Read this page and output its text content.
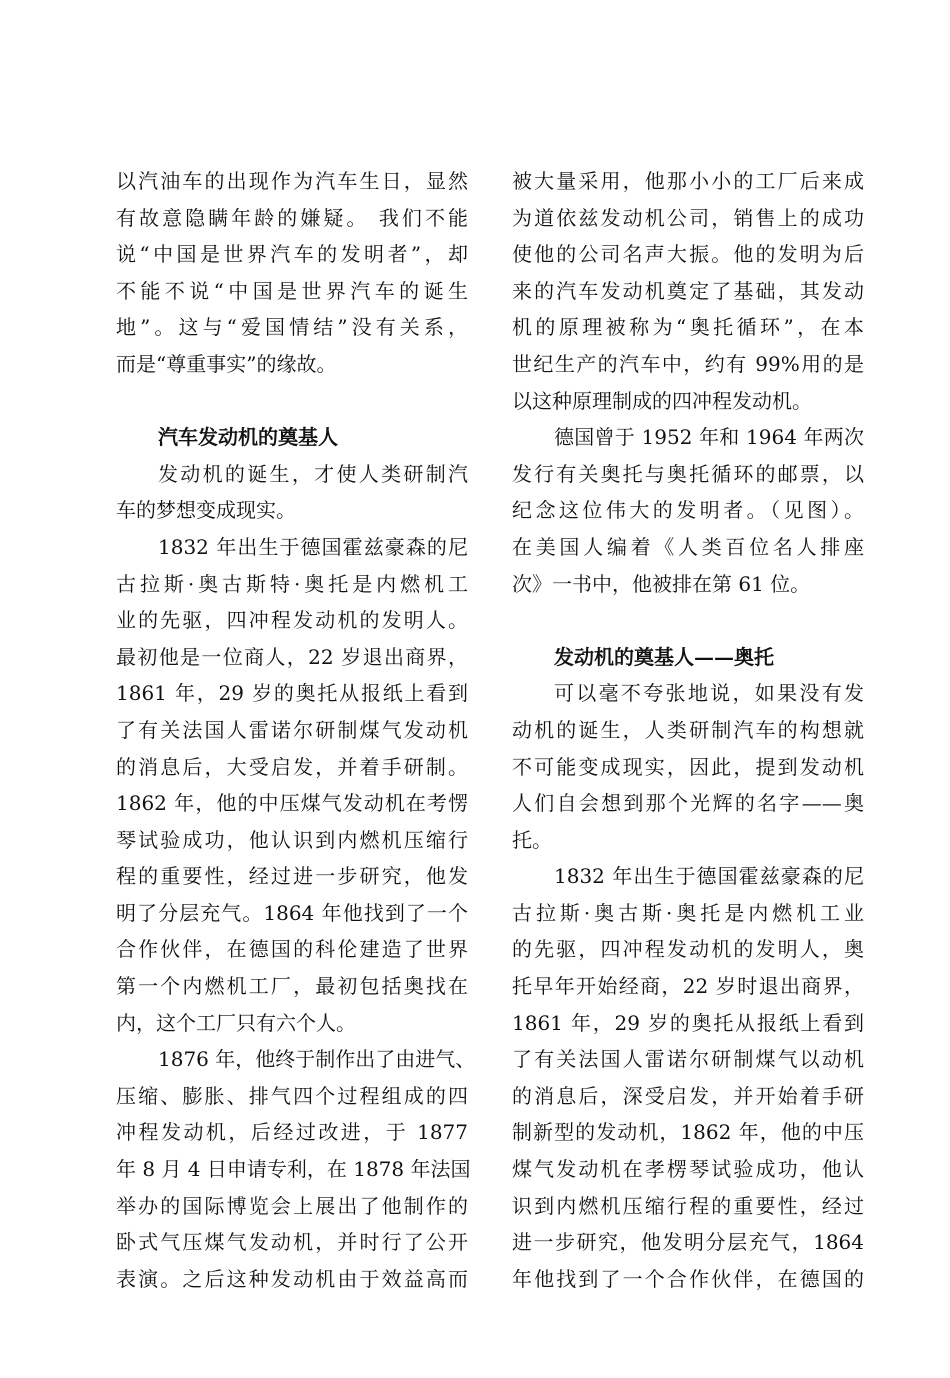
以汽油车的出现作为汽车生日，显然
有故意隐瞒年龄的嫌疑。 我们不能
说“中国是世界汽车的发明者”，却
不能不说“中国是世界汽车的诞生
地”。这与“爱国情结”没有关系，
而是“尊重事实”的缘故。
汽车发动机的奠基人
发动机的诞生，才使人类研制汽
车的梦想变成现实。
1832 年出生于德国霍兹豪森的尼
古拉斯·奥古斯特·奥托是内燃机工
业的先驱，四冲程发动机的发明人。
最初他是一位商人，22 岁退出商界，
1861 年，29 岁的奥托从报纸上看到
了有关法国人雷诺尔研制煤气发动机
的消息后，大受启发，并着手研制。
1862 年，他的中压煤气发动机在考愣
琴试验成功，他认识到内燃机压缩行
程的重要性，经过进一步研究，他发
明了分层充气。1864 年他找到了一个
合作伙伴，在德国的科伦建造了世界
第一个内燃机工厂，最初包括奥找在
内，这个工厂只有六个人。
1876 年，他终于制作出了由进气、
压缩、膨胀、排气四个过程组成的四
冲程发动机，后经过改进，于 1877
年 8 月 4 日申请专利，在 1878 年法国
举办的国际博览会上展出了他制作的
卧式气压煤气发动机，并时行了公开
表演。之后这种发动机由于效益高而
被大量采用，他那小小的工厂后来成
为道依兹发动机公司，销售上的成功
使他的公司名声大振。他的发明为后
来的汽车发动机奠定了基础，其发动
机的原理被称为“奥托循环”，在本
世纪生产的汽车中，约有 99%用的是
以这种原理制成的四冲程发动机。
德国曾于 1952 年和 1964 年两次
发行有关奥托与奥托循环的邮票，以
纪念这位伟大的发明者。（见图）。
在美国人编着《人类百位名人排座
次》一书中，他被排在第 61 位。
发动机的奠基人——奥托
可以毫不夸张地说，如果没有发
动机的诞生，人类研制汽车的构想就
不可能变成现实，因此，提到发动机
人们自会想到那个光辉的名字——奥
托。
1832 年出生于德国霍兹豪森的尼
古拉斯·奥古斯·奥托是内燃机工业
的先驱，四冲程发动机的发明人，奥
托早年开始经商，22 岁时退出商界，
1861 年，29 岁的奥托从报纸上看到
了有关法国人雷诺尔研制煤气以动机
的消息后，深受启发，并开始着手研
制新型的发动机，1862 年，他的中压
煤气发动机在孝楞琴试验成功，他认
识到内燃机压缩行程的重要性，经过
进一步研究，他发明分层充气，1864
年他找到了一个合作伙伴，在德国的
